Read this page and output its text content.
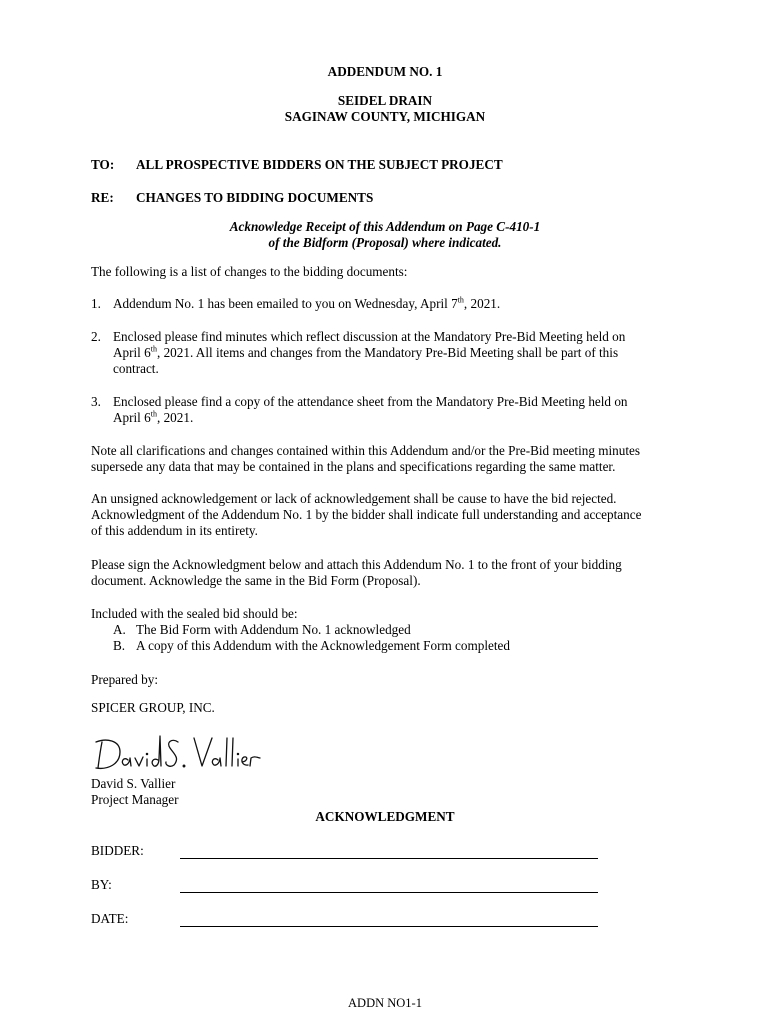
ADDENDUM NO. 1
SEIDEL DRAIN
SAGINAW COUNTY, MICHIGAN
TO: ALL PROSPECTIVE BIDDERS ON THE SUBJECT PROJECT
RE: CHANGES TO BIDDING DOCUMENTS
Acknowledge Receipt of this Addendum on Page C-410-1
of the Bidform (Proposal) where indicated.
The following is a list of changes to the bidding documents:
1. Addendum No. 1 has been emailed to you on Wednesday, April 7th, 2021.
2. Enclosed please find minutes which reflect discussion at the Mandatory Pre-Bid Meeting held on
April 6th, 2021. All items and changes from the Mandatory Pre-Bid Meeting shall be part of this
contract.
3. Enclosed please find a copy of the attendance sheet from the Mandatory Pre-Bid Meeting held on
April 6th, 2021.
Note all clarifications and changes contained within this Addendum and/or the Pre-Bid meeting minutes
supersede any data that may be contained in the plans and specifications regarding the same matter.
An unsigned acknowledgement or lack of acknowledgement shall be cause to have the bid rejected.
Acknowledgment of the Addendum No. 1 by the bidder shall indicate full understanding and acceptance
of this addendum in its entirety.
Please sign the Acknowledgment below and attach this Addendum No. 1 to the front of your bidding
document. Acknowledge the same in the Bid Form (Proposal).
Included with the sealed bid should be:
A. The Bid Form with Addendum No. 1 acknowledged
B. A copy of this Addendum with the Acknowledgement Form completed
Prepared by:
SPICER GROUP, INC.
David S. Vallier
Project Manager
ACKNOWLEDGMENT
BIDDER:
BY:
DATE:
ADDN NO1-1
